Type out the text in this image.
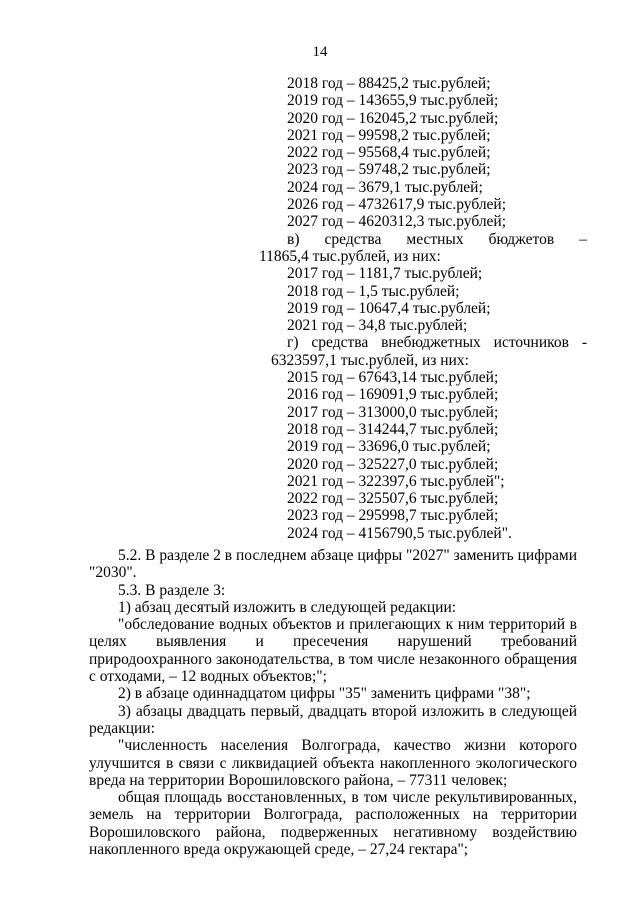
14
2018 год – 88425,2 тыс.рублей;
2019 год – 143655,9 тыс.рублей;
2020 год – 162045,2 тыс.рублей;
2021 год – 99598,2 тыс.рублей;
2022 год – 95568,4 тыс.рублей;
2023 год – 59748,2 тыс.рублей;
2024 год – 3679,1 тыс.рублей;
2026 год – 4732617,9 тыс.рублей;
2027 год – 4620312,3 тыс.рублей;
в) средства местных бюджетов –
11865,4 тыс.рублей, из них:
2017 год – 1181,7 тыс.рублей;
2018 год – 1,5 тыс.рублей;
2019 год – 10647,4 тыс.рублей;
2021 год – 34,8 тыс.рублей;
г) средства внебюджетных источников -
6323597,1 тыс.рублей, из них:
2015 год – 67643,14 тыс.рублей;
2016 год – 169091,9 тыс.рублей;
2017 год – 313000,0 тыс.рублей;
2018 год – 314244,7 тыс.рублей;
2019 год – 33696,0 тыс.рублей;
2020 год – 325227,0 тыс.рублей;
2021 год – 322397,6 тыс.рублей";
2022 год – 325507,6 тыс.рублей;
2023 год – 295998,7 тыс.рублей;
2024 год – 4156790,5 тыс.рублей".

5.2. В разделе 2 в последнем абзаце цифры "2027" заменить цифрами "2030".

5.3. В разделе 3:

1) абзац десятый изложить в следующей редакции:

"обследование водных объектов и прилегающих к ним территорий в целях выявления и пресечения нарушений требований природоохранного законодательства, в том числе незаконного обращения с отходами, – 12 водных объектов;";

2) в абзаце одиннадцатом цифры "35" заменить цифрами "38";

3) абзацы двадцать первый, двадцать второй изложить в следующей редакции:

"численность населения Волгограда, качество жизни которого улучшится в связи с ликвидацией объекта накопленного экологического вреда на территории Ворошиловского района, – 77311 человек;

общая площадь восстановленных, в том числе рекультивированных, земель на территории Волгограда, расположенных на территории Ворошиловского района, подверженных негативному воздействию накопленного вреда окружающей среде, – 27,24 гектара";
